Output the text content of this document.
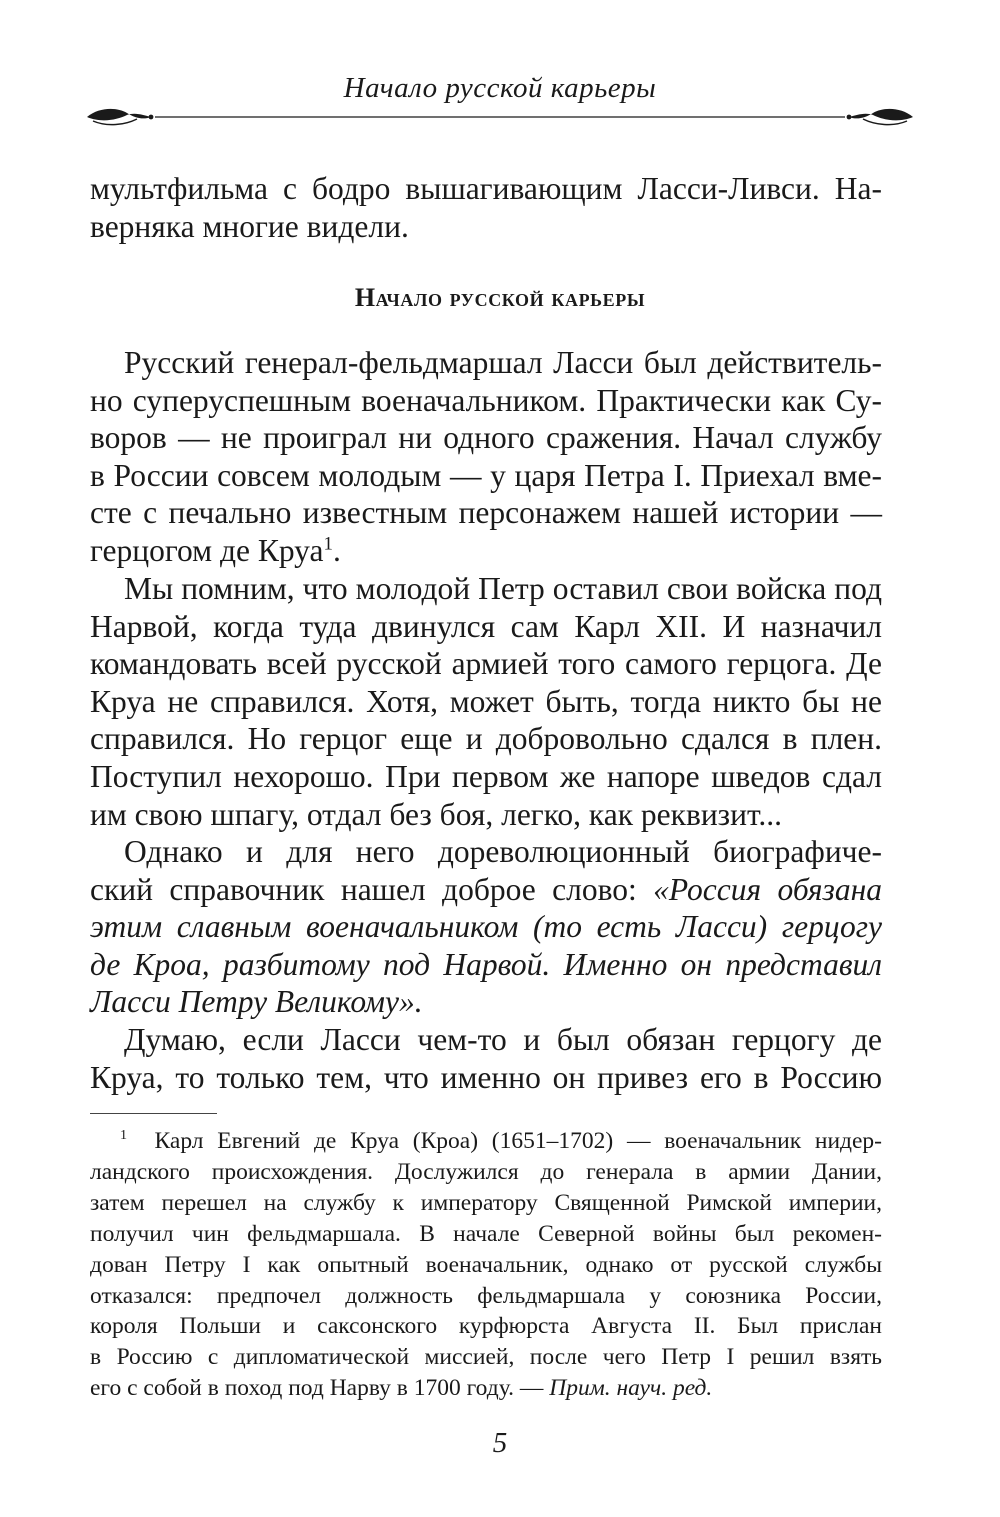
Начало русской карьеры
мультфильма с бодро вышагивающим Ласси-Ливси. На-
верняка многие видели.
Начало русской карьеры
Русский генерал-фельдмаршал Ласси был действитель-
но суперуспешным военачальником. Практически как Су-
воров — не проиграл ни одного сражения. Начал службу
в России совсем молодым — у царя Петра I. Приехал вме-
сте с печально известным персонажем нашей истории —
герцогом де Круа$^1$.
Мы помним, что молодой Петр оставил свои войска под
Нарвой, когда туда двинулся сам Карл XII. И назначил
командовать всей русской армией того самого герцога. Де
Круа не справился. Хотя, может быть, тогда никто бы не
справился. Но герцог еще и добровольно сдался в плен.
Поступил нехорошо. При первом же напоре шведов сдал
им свою шпагу, отдал без боя, легко, как реквизит...
Однако и для него дореволюционный биографиче-
ский справочник нашел доброе слово: «Россия обязана
этим славным военачальником (то есть Ласси) герцогу
де Кроа, разбитому под Нарвой. Именно он представил
Ласси Петру Великому».
Думаю, если Ласси чем-то и был обязан герцогу де
Круа, то только тем, что именно он привез его в Россию
$^1$ Карл Евгений де Круа (Кроа) (1651–1702) — военачальник нидер-
ландского происхождения. Дослужился до генерала в армии Дании,
затем перешел на службу к императору Священной Римской империи,
получил чин фельдмаршала. В начале Северной войны был рекомен-
дован Петру I как опытный военачальник, однако от русской службы
отказался: предпочел должность фельдмаршала у союзника России,
короля Польши и саксонского курфюрста Августа II. Был прислан
в Россию с дипломатической миссией, после чего Петр I решил взять
его с собой в поход под Нарву в 1700 году. — Прим. науч. ред.
5
